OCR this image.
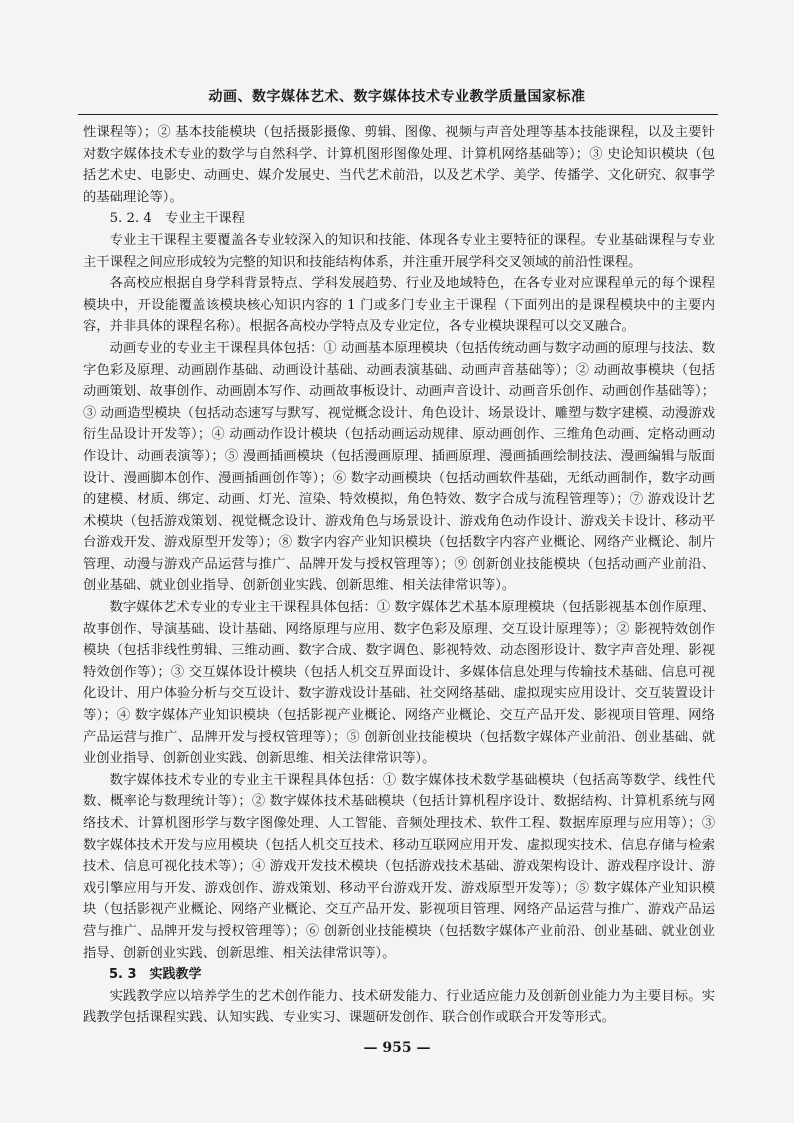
动画、数字媒体艺术、数字媒体技术专业教学质量国家标准

性课程等）；② 基本技能模块（包括摄影摄像、剪辑、图像、视频与声音处理等基本技能课程，以及主要针对数字媒体技术专业的数学与自然科学、计算机图形图像处理、计算机网络基础等）；③ 史论知识模块（包括艺术史、电影史、动画史、媒介发展史、当代艺术前沿，以及艺术学、美学、传播学、文化研究、叙事学的基础理论等）。

5. 2. 4　专业主干课程

专业主干课程主要覆盖各专业较深入的知识和技能、体现各专业主要特征的课程。专业基础课程与专业主干课程之间应形成较为完整的知识和技能结构体系，并注重开展学科交叉领域的前沿性课程。

各高校应根据自身学科背景特点、学科发展趋势、行业及地域特色，在各专业对应课程单元的每个课程模块中，开设能覆盖该模块核心知识内容的 1 门或多门专业主干课程（下面列出的是课程模块中的主要内容，并非具体的课程名称）。根据各高校办学特点及专业定位，各专业模块课程可以交叉融合。

动画专业的专业主干课程具体包括：① 动画基本原理模块（包括传统动画与数字动画的原理与技法、数字色彩及原理、动画剧作基础、动画设计基础、动画表演基础、动画声音基础等）；② 动画故事模块（包括动画策划、故事创作、动画剧本写作、动画故事板设计、动画声音设计、动画音乐创作、动画创作基础等）；③ 动画造型模块（包括动态速写与默写、视觉概念设计、角色设计、场景设计、雕塑与数字建模、动漫游戏衍生品设计开发等）；④ 动画动作设计模块（包括动画运动规律、原动画创作、三维角色动画、定格动画动作设计、动画表演等）；⑤ 漫画插画模块（包括漫画原理、插画原理、漫画插画绘制技法、漫画编辑与版面设计、漫画脚本创作、漫画插画创作等）；⑥ 数字动画模块（包括动画软件基础，无纸动画制作，数字动画的建模、材质、绑定、动画、灯光、渲染、特效模拟，角色特效、数字合成与流程管理等）；⑦ 游戏设计艺术模块（包括游戏策划、视觉概念设计、游戏角色与场景设计、游戏角色动作设计、游戏关卡设计、移动平台游戏开发、游戏原型开发等）；⑧ 数字内容产业知识模块（包括数字内容产业概论、网络产业概论、制片管理、动漫与游戏产品运营与推广、品牌开发与授权管理等）；⑨ 创新创业技能模块（包括动画产业前沿、创业基础、就业创业指导、创新创业实践、创新思维、相关法律常识等）。

数字媒体艺术专业的专业主干课程具体包括：① 数字媒体艺术基本原理模块（包括影视基本创作原理、故事创作、导演基础、设计基础、网络原理与应用、数字色彩及原理、交互设计原理等）；② 影视特效创作模块（包括非线性剪辑、三维动画、数字合成、数字调色、影视特效、动态图形设计、数字声音处理、影视特效创作等）；③ 交互媒体设计模块（包括人机交互界面设计、多媒体信息处理与传输技术基础、信息可视化设计、用户体验分析与交互设计、数字游戏设计基础、社交网络基础、虚拟现实应用设计、交互装置设计等）；④ 数字媒体产业知识模块（包括影视产业概论、网络产业概论、交互产品开发、影视项目管理、网络产品运营与推广、品牌开发与授权管理等）；⑤ 创新创业技能模块（包括数字媒体产业前沿、创业基础、就业创业指导、创新创业实践、创新思维、相关法律常识等）。

数字媒体技术专业的专业主干课程具体包括：① 数字媒体技术数学基础模块（包括高等数学、线性代数、概率论与数理统计等）；② 数字媒体技术基础模块（包括计算机程序设计、数据结构、计算机系统与网络技术、计算机图形学与数字图像处理、人工智能、音频处理技术、软件工程、数据库原理与应用等）；③ 数字媒体技术开发与应用模块（包括人机交互技术、移动互联网应用开发、虚拟现实技术、信息存储与检索技术、信息可视化技术等）；④ 游戏开发技术模块（包括游戏技术基础、游戏架构设计、游戏程序设计、游戏引擎应用与开发、游戏创作、游戏策划、移动平台游戏开发、游戏原型开发等）；⑤ 数字媒体产业知识模块（包括影视产业概论、网络产业概论、交互产品开发、影视项目管理、网络产品运营与推广、游戏产品运营与推广、品牌开发与授权管理等）；⑥ 创新创业技能模块（包括数字媒体产业前沿、创业基础、就业创业指导、创新创业实践、创新思维、相关法律常识等）。

5. 3　实践教学

实践教学应以培养学生的艺术创作能力、技术研发能力、行业适应能力及创新创业能力为主要目标。实践教学包括课程实践、认知实践、专业实习、课题研发创作、联合创作或联合开发等形式。

— 955 —
